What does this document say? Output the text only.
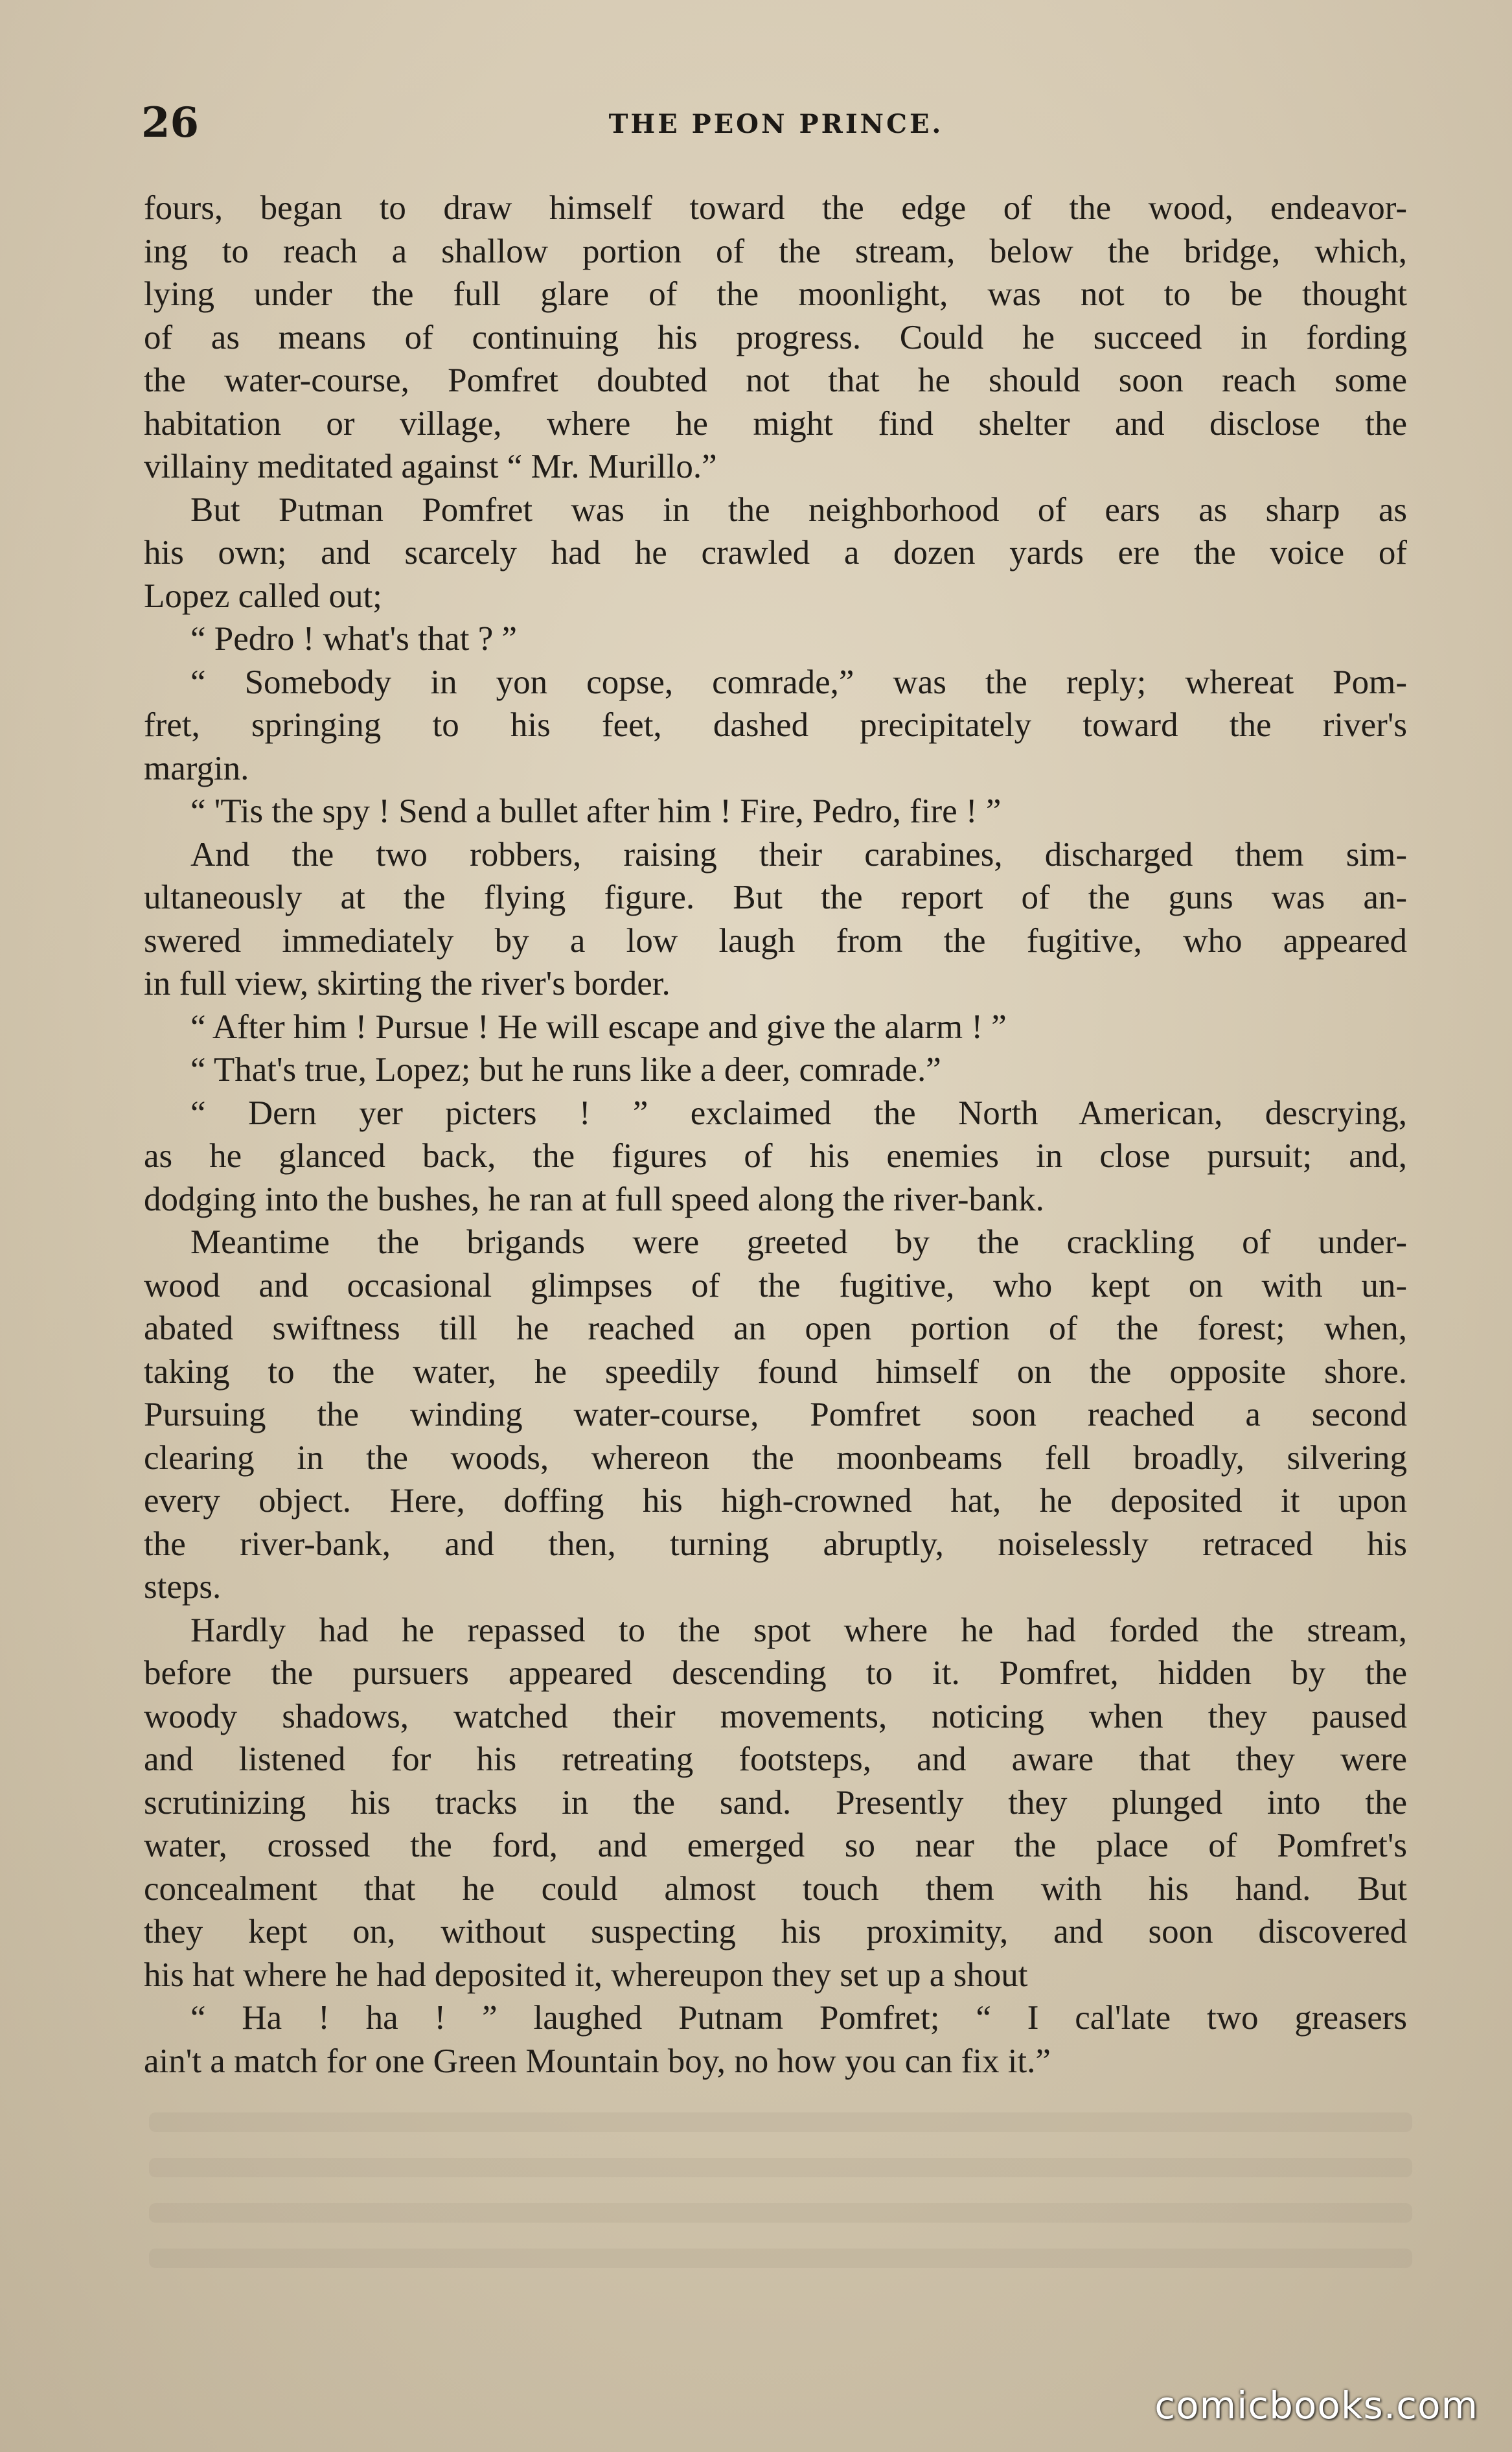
26	THE PEON PRINCE.
fours, began to draw himself toward the edge of the wood, endeavor-
ing to reach a shallow portion of the stream, below the bridge, which,
lying under the full glare of the moonlight, was not to be thought
of as means of continuing his progress. Could he succeed in fording
the water-course, Pomfret doubted not that he should soon reach some
habitation or village, where he might find shelter and disclose the
villainy meditated against “ Mr. Murillo.”
But Putman Pomfret was in the neighborhood of ears as sharp as
his own; and scarcely had he crawled a dozen yards ere the voice of
Lopez called out;
“ Pedro ! what's that ? ”
“ Somebody in yon copse, comrade,” was the reply; whereat Pom-
fret, springing to his feet, dashed precipitately toward the river's
margin.
“ 'Tis the spy ! Send a bullet after him ! Fire, Pedro, fire ! ”
And the two robbers, raising their carabines, discharged them sim-
ultaneously at the flying figure. But the report of the guns was an-
swered immediately by a low laugh from the fugitive, who appeared
in full view, skirting the river's border.
“ After him ! Pursue ! He will escape and give the alarm ! ”
“ That's true, Lopez; but he runs like a deer, comrade.”
“ Dern yer picters ! ” exclaimed the North American, descrying,
as he glanced back, the figures of his enemies in close pursuit; and,
dodging into the bushes, he ran at full speed along the river-bank.
Meantime the brigands were greeted by the crackling of under-
wood and occasional glimpses of the fugitive, who kept on with un-
abated swiftness till he reached an open portion of the forest; when,
taking to the water, he speedily found himself on the opposite shore.
Pursuing the winding water-course, Pomfret soon reached a second
clearing in the woods, whereon the moonbeams fell broadly, silvering
every object. Here, doffing his high-crowned hat, he deposited it upon
the river-bank, and then, turning abruptly, noiselessly retraced his
steps.
Hardly had he repassed to the spot where he had forded the stream,
before the pursuers appeared descending to it. Pomfret, hidden by the
woody shadows, watched their movements, noticing when they paused
and listened for his retreating footsteps, and aware that they were
scrutinizing his tracks in the sand. Presently they plunged into the
water, crossed the ford, and emerged so near the place of Pomfret's
concealment that he could almost touch them with his hand. But
they kept on, without suspecting his proximity, and soon discovered
his hat where he had deposited it, whereupon they set up a shout
“ Ha ! ha ! ” laughed Putnam Pomfret; “ I cal'late two greasers
ain't a match for one Green Mountain boy, no how you can fix it.”
comicbooks.com
